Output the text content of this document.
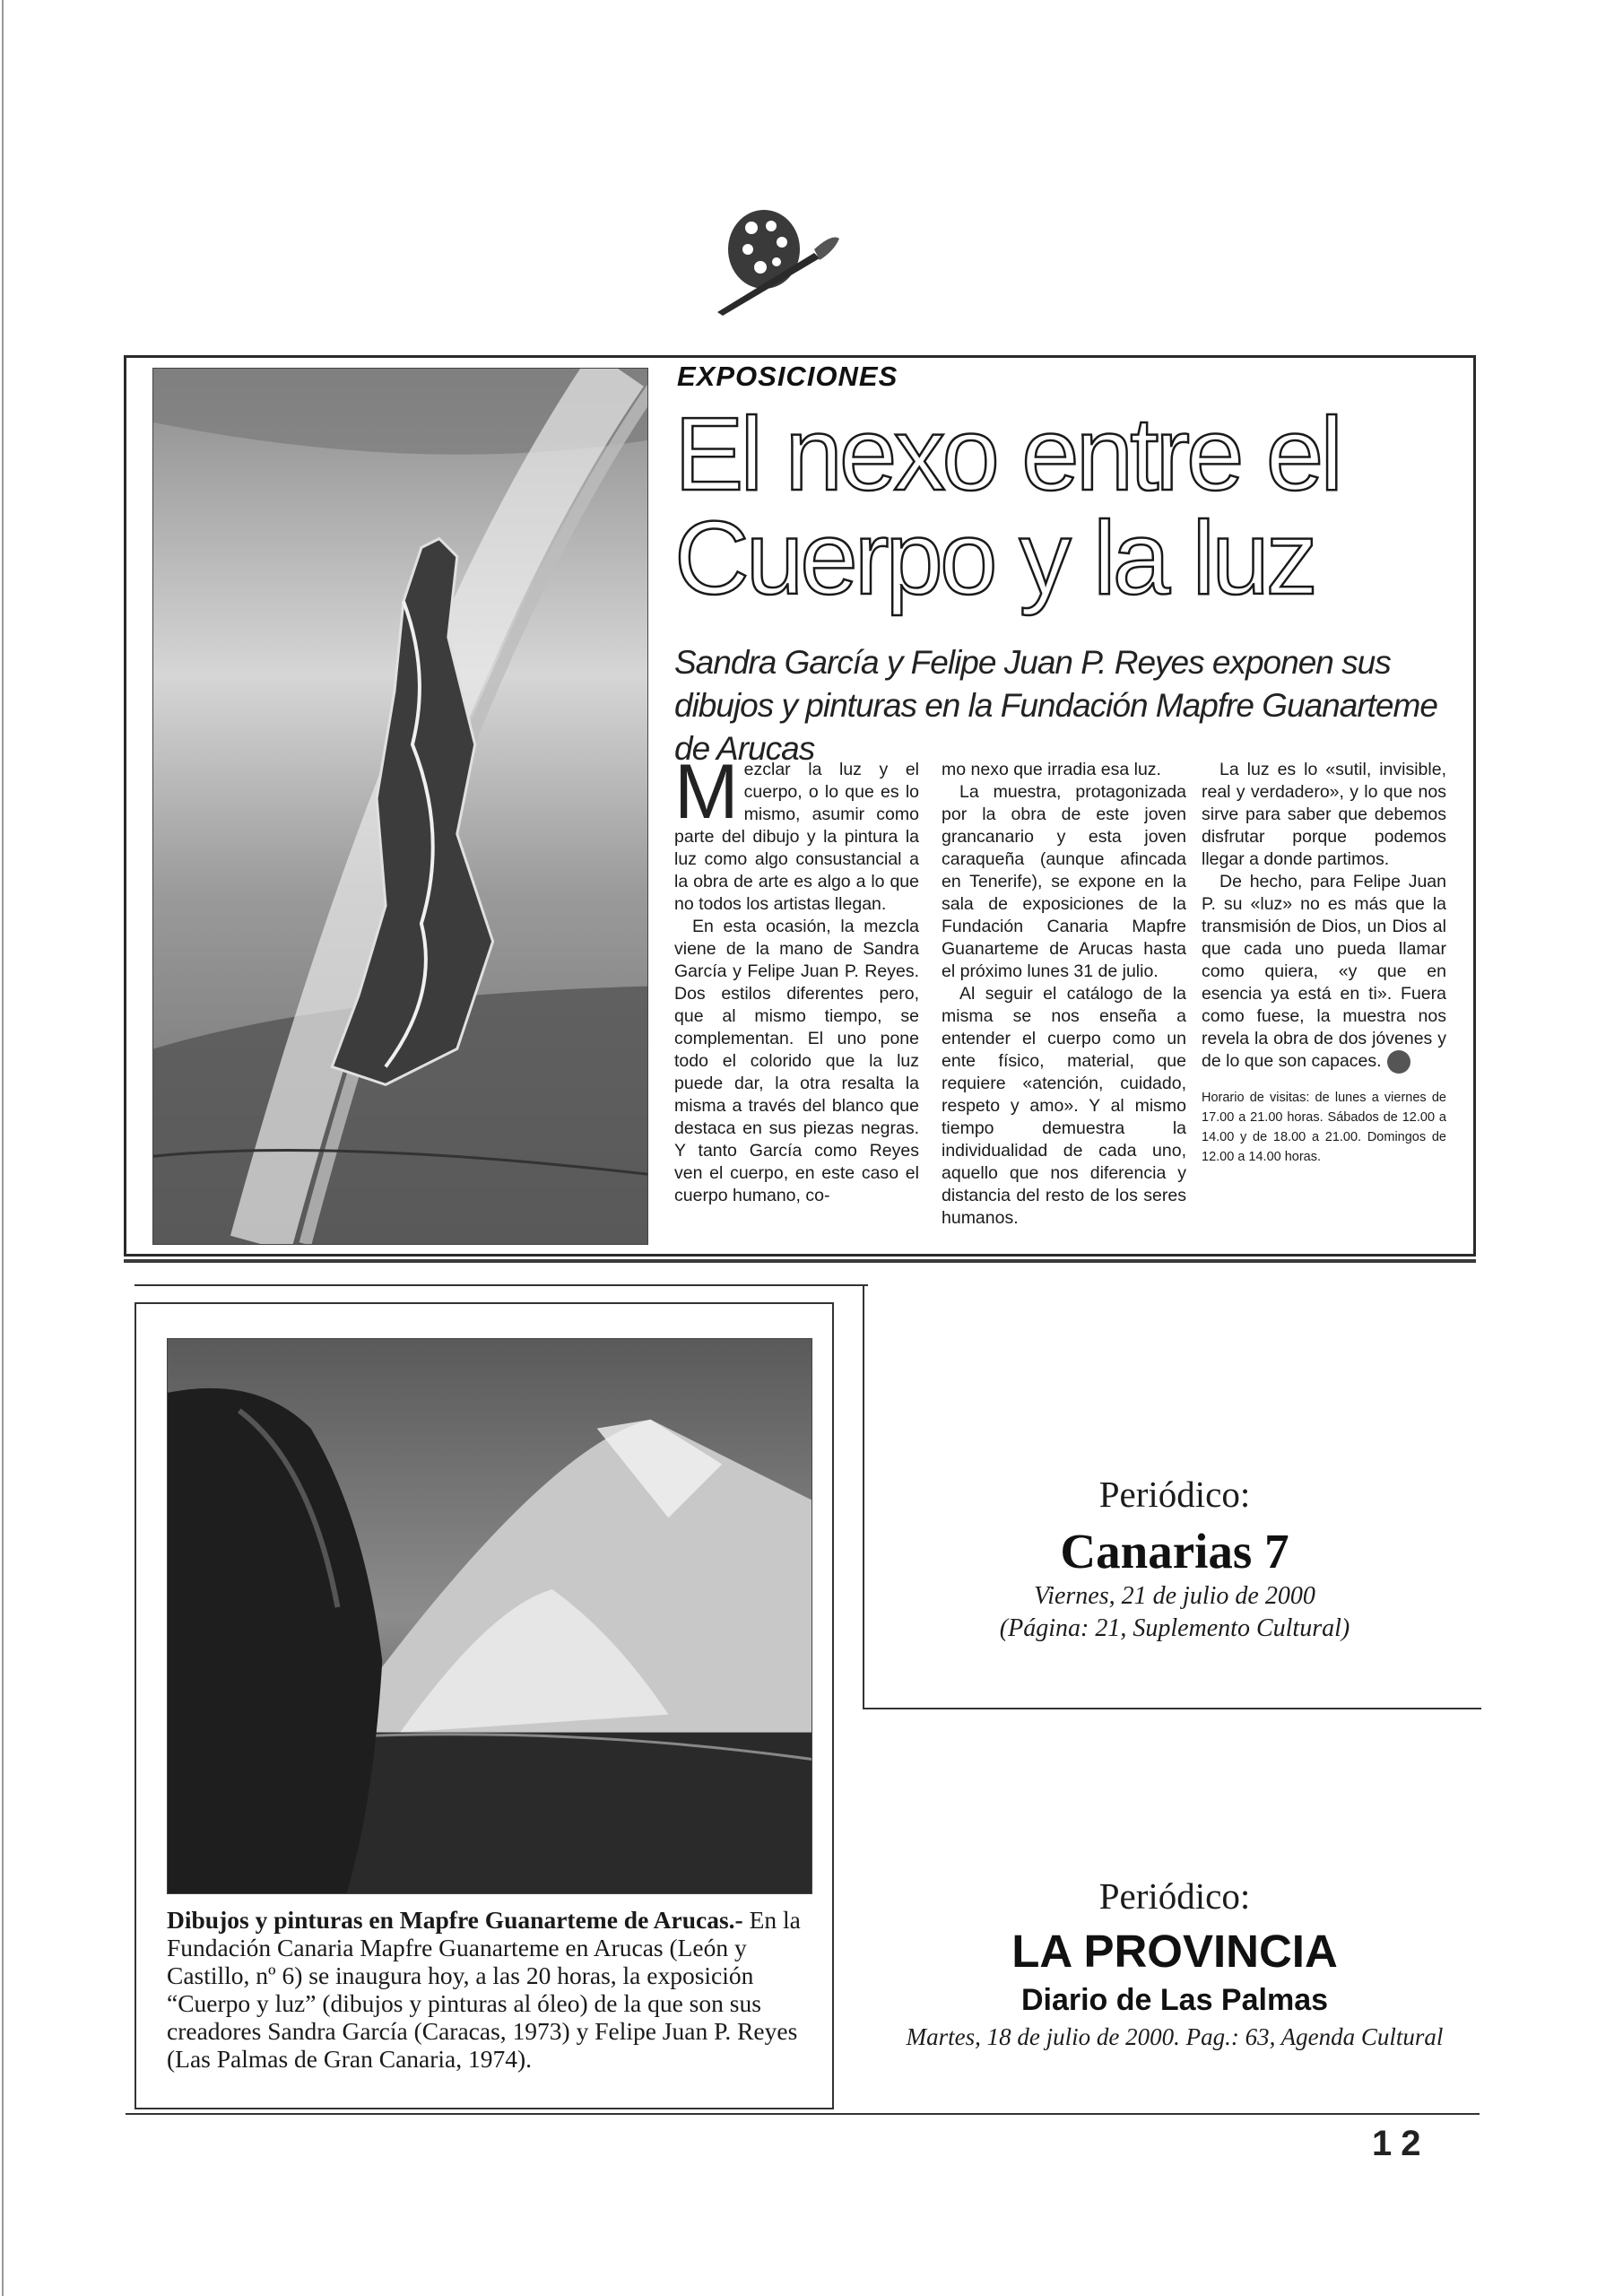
EXPOSICIONES
El nexo entre el
Cuerpo y la luz
Sandra García y Felipe Juan P. Reyes exponen sus dibujos y pinturas en la Fundación Mapfre Guanarteme de Arucas

Mezclar la luz y el cuerpo, o lo que es lo mismo, asumir como parte del dibujo y la pintura la luz como algo consustancial a la obra de arte es algo a lo que no todos los artistas llegan.

En esta ocasión, la mezcla viene de la mano de Sandra García y Felipe Juan P. Reyes. Dos estilos diferentes pero, que al mismo tiempo, se complementan. El uno pone todo el colorido que la luz puede dar, la otra resalta la misma a través del blanco que destaca en sus piezas negras. Y tanto García como Reyes ven el cuerpo, en este caso el cuerpo humano, co-

mo nexo que irradia esa luz.

La muestra, protagonizada por la obra de este joven grancanario y esta joven caraqueña (aunque afincada en Tenerife), se expone en la sala de exposiciones de la Fundación Canaria Mapfre Guanarteme de Arucas hasta el próximo lunes 31 de julio.

Al seguir el catálogo de la misma se nos enseña a entender el cuerpo como un ente físico, material, que requiere «atención, cuidado, respeto y amo». Y al mismo tiempo demuestra la individualidad de cada uno, aquello que nos diferencia y distancia del resto de los seres humanos.

La luz es lo «sutil, invisible, real y verdadero», y lo que nos sirve para saber que debemos disfrutar porque podemos llegar a donde partimos.

De hecho, para Felipe Juan P. su «luz» no es más que la transmisión de Dios, un Dios al que cada uno pueda llamar como quiera, «y que en esencia ya está en ti». Fuera como fuese, la muestra nos revela la obra de dos jóvenes y de lo que son capaces.

Horario de visitas: de lunes a viernes de 17.00 a 21.00 horas. Sábados de 12.00 a 14.00 y de 18.00 a 21.00. Domingos de 12.00 a 14.00 horas.

Dibujos y pinturas en Mapfre Guanarteme de Arucas.- En la Fundación Canaria Mapfre Guanarteme en Arucas (León y Castillo, nº 6) se inaugura hoy, a las 20 horas, la exposición “Cuerpo y luz” (dibujos y pinturas al óleo) de la que son sus creadores Sandra García (Caracas, 1973) y Felipe Juan P. Reyes (Las Palmas de Gran Canaria, 1974).
Periódico:
Canarias 7
Viernes, 21 de julio de 2000
(Página: 21, Suplemento Cultural)
Periódico:
LA PROVINCIA
Diario de Las Palmas
Martes, 18 de julio de 2000. Pag.: 63, Agenda Cultural
12
